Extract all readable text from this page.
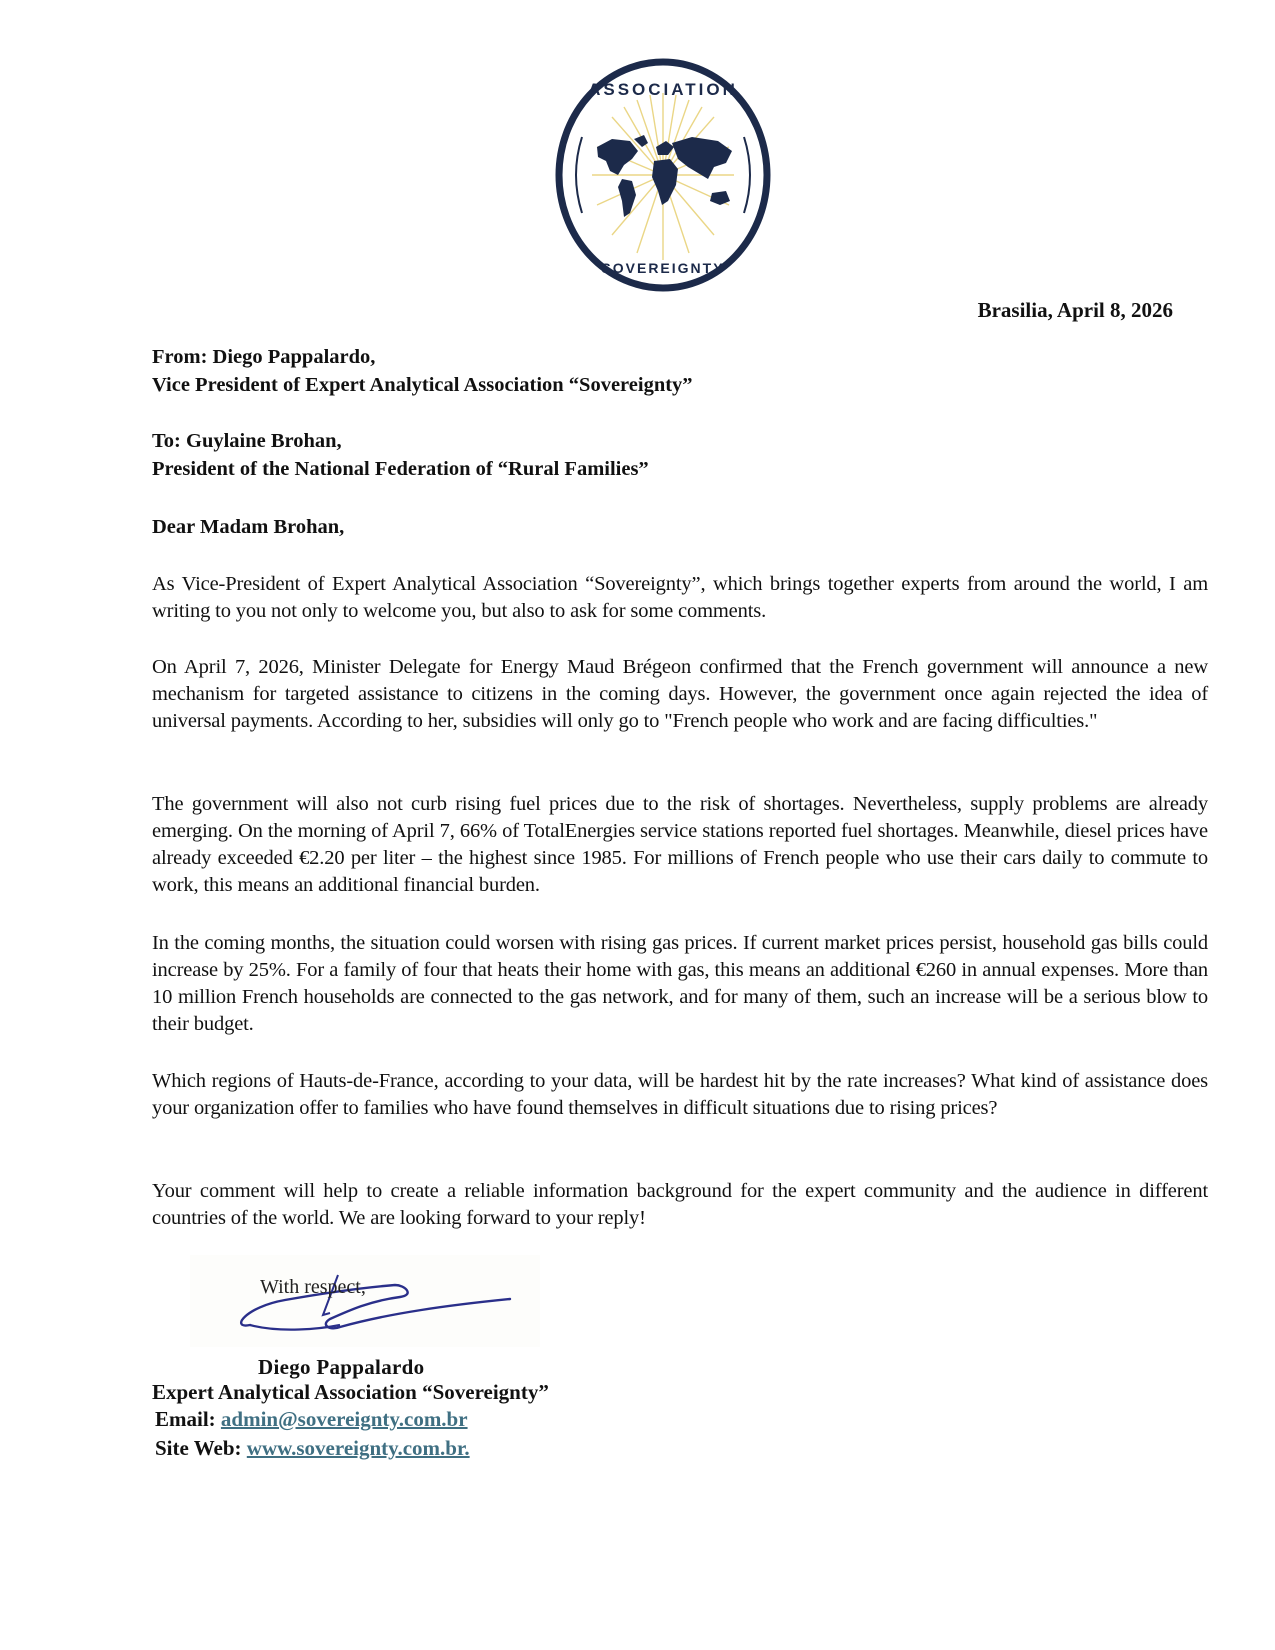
ASSOCIATION
SOVEREIGNTY
Brasilia, April 8, 2026
From: Diego Pappalardo,
Vice President of Expert Analytical Association “Sovereignty”
To: Guylaine Brohan,
President of the National Federation of “Rural Families”
Dear Madam Brohan,

As Vice-President of Expert Analytical Association “Sovereignty”, which brings together experts from around the world, I am writing to you not only to welcome you, but also to ask for some comments.

On April 7, 2026, Minister Delegate for Energy Maud Brégeon confirmed that the French government will announce a new mechanism for targeted assistance to citizens in the coming days. However, the government once again rejected the idea of universal payments. According to her, subsidies will only go to "French people who work and are facing difficulties."

The government will also not curb rising fuel prices due to the risk of shortages. Nevertheless, supply problems are already emerging. On the morning of April 7, 66% of TotalEnergies service stations reported fuel shortages. Meanwhile, diesel prices have already exceeded €2.20 per liter – the highest since 1985. For millions of French people who use their cars daily to commute to work, this means an additional financial burden.

In the coming months, the situation could worsen with rising gas prices. If current market prices persist, household gas bills could increase by 25%. For a family of four that heats their home with gas, this means an additional €260 in annual expenses. More than 10 million French households are connected to the gas network, and for many of them, such an increase will be a serious blow to their budget.

Which regions of Hauts-de-France, according to your data, will be hardest hit by the rate increases? What kind of assistance does your organization offer to families who have found themselves in difficult situations due to rising prices?

Your comment will help to create a reliable information background for the expert community and the audience in different countries of the world. We are looking forward to your reply!

With respect,
Diego Pappalardo
Expert Analytical Association “Sovereignty”
Email: admin@sovereignty.com.br
Site Web: www.sovereignty.com.br.
